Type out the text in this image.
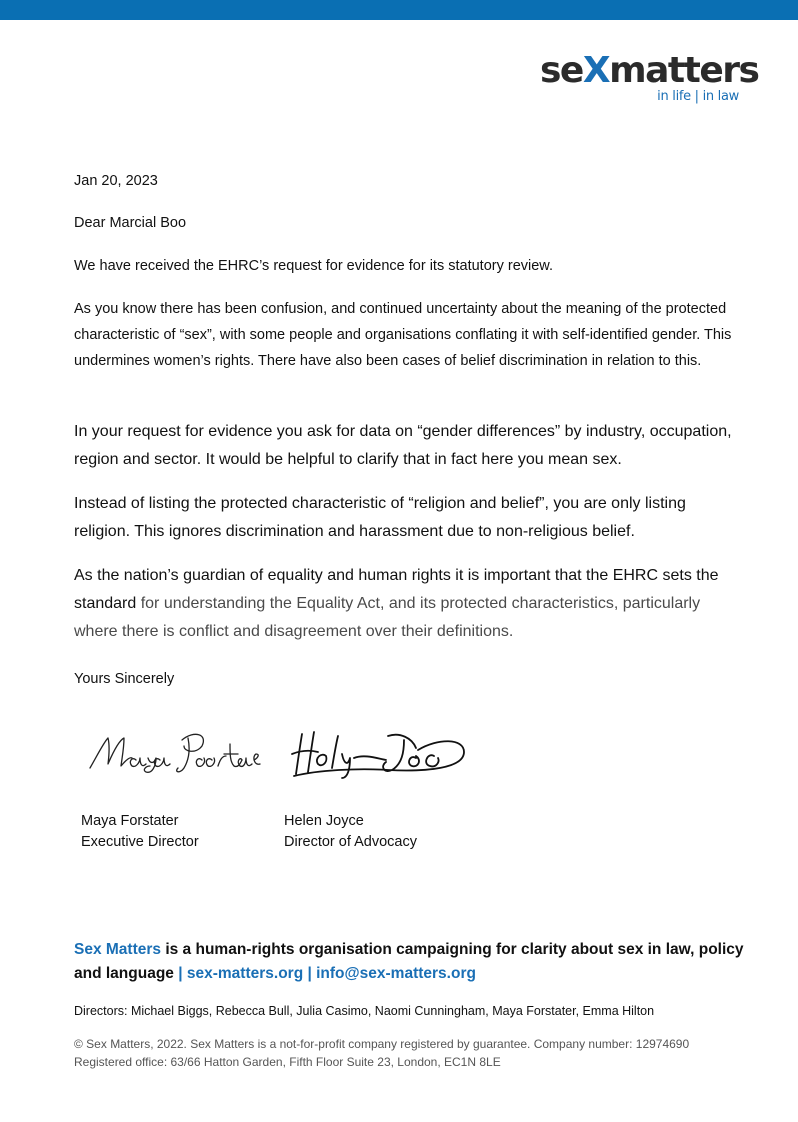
seXmatters
in life | in law

Jan 20, 2023

Dear Marcial Boo

We have received the EHRC’s request for evidence for its statutory review.

As you know there has been confusion, and continued uncertainty about the meaning of the protected characteristic of “sex”, with some people and organisations conflating it with self-identified gender. This undermines women’s rights. There have also been cases of belief discrimination in relation to this.

In your request for evidence you ask for data on “gender differences” by industry, occupation, region and sector. It would be helpful to clarify that in fact here you mean sex.

Instead of listing the protected characteristic of “religion and belief”, you are only listing religion. This ignores discrimination and harassment due to non-religious belief.

As the nation’s guardian of equality and human rights it is important that the EHRC sets the standard for understanding the Equality Act, and its protected characteristics, particularly where there is conflict and disagreement over their definitions.

Yours Sincerely

Maya Forstater
Executive Director
Helen Joyce
Director of Advocacy
Sex Matters is a human-rights organisation campaigning for clarity about sex in law, policy and language | sex-matters.org | info@sex-matters.org
Directors: Michael Biggs, Rebecca Bull, Julia Casimo, Naomi Cunningham, Maya Forstater, Emma Hilton
© Sex Matters, 2022. Sex Matters is a not-for-profit company registered by guarantee. Company number: 12974690
Registered office: 63/66 Hatton Garden, Fifth Floor Suite 23, London, EC1N 8LE
